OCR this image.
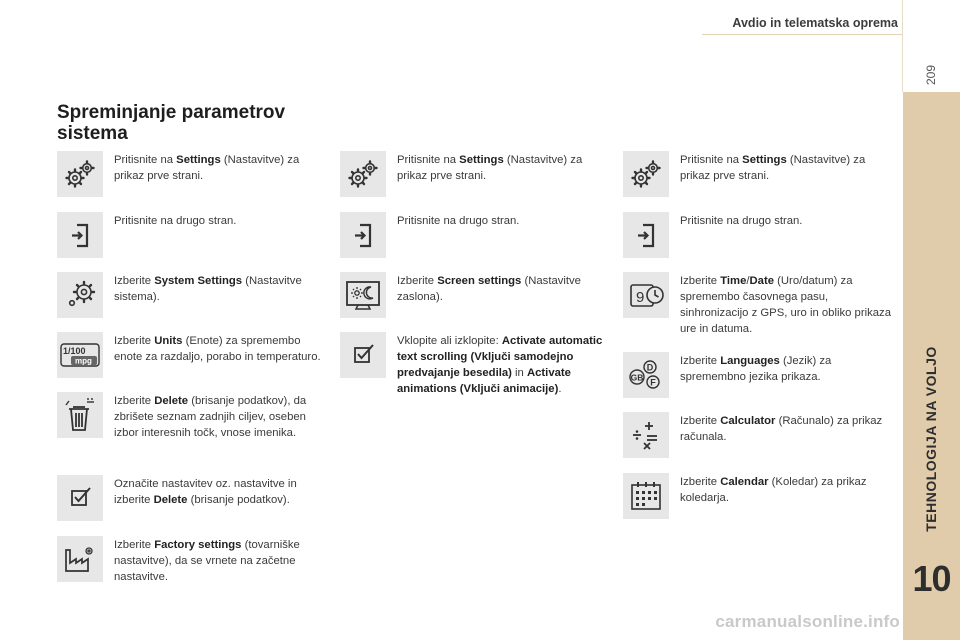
Avdio in telematska oprema
209
TEHNOLOGIJA NA VOLJO
10
carmanualsonline.info
Spreminjanje parametrov sistema
Pritisnite na Settings (Nastavitve) za prikaz prve strani.
Pritisnite na drugo stran.
Izberite System Settings (Nastavitve sistema).
1/100
mpg
Izberite Units (Enote) za spremembo enote za razdaljo, porabo in temperaturo.
Izberite Delete (brisanje podatkov), da zbrišete seznam zadnjih ciljev, oseben izbor interesnih točk, vnose imenika.
Označite nastavitev oz. nastavitve in izberite Delete (brisanje podatkov).
Izberite Factory settings (tovarniške nastavitve), da se vrnete na začetne nastavitve.
Pritisnite na Settings (Nastavitve) za prikaz prve strani.
Pritisnite na drugo stran.
Izberite Screen settings (Nastavitve zaslona).
Vklopite ali izklopite: Activate automatic text scrolling (Vključi samodejno predvajanje besedila) in Activate animations (Vključi animacije).
Pritisnite na Settings (Nastavitve) za prikaz prve strani.
Pritisnite na drugo stran.
9
Izberite Time/Date (Uro/datum) za spremembo časovnega pasu, sinhronizacijo z GPS, uro in obliko prikaza ure in datuma.
D
GB F
Izberite Languages (Jezik) za spremembno jezika prikaza.
Izberite Calculator (Računalo) za prikaz računala.
Izberite Calendar (Koledar) za prikaz koledarja.
